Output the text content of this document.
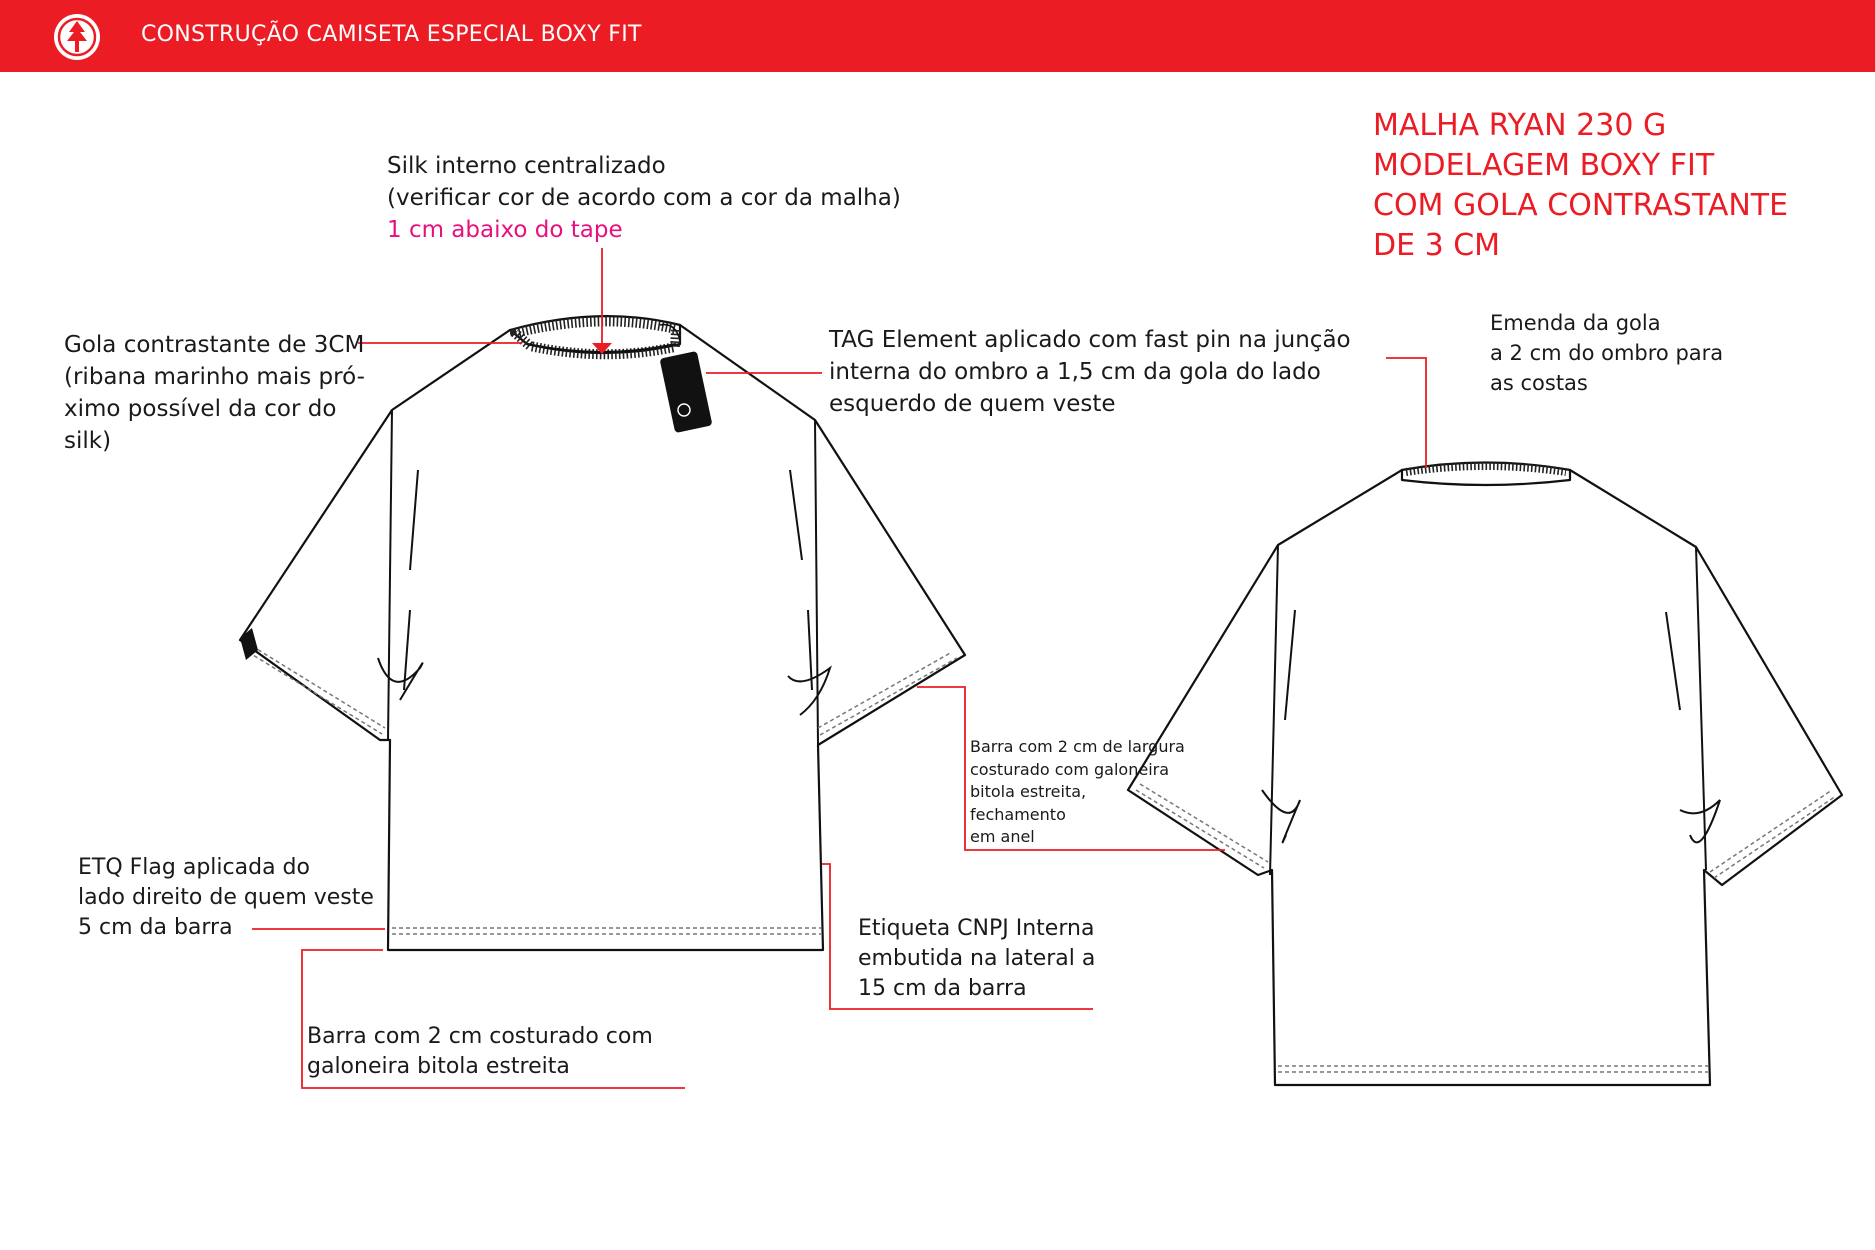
CONSTRUÇÃO CAMISETA ESPECIAL BOXY FIT
Silk interno centralizado
(verificar cor de acordo com a cor da malha)
1 cm abaixo do tape
Gola contrastante de 3CM
(ribana marinho mais pró-
ximo possível da cor do
silk)
TAG Element aplicado com fast pin na junção
interna do ombro a 1,5 cm da gola do lado
esquerdo de quem veste
MALHA RYAN 230 G
MODELAGEM BOXY FIT
COM GOLA CONTRASTANTE
DE 3 CM
Emenda da gola
a 2 cm do ombro para
as costas
Barra com 2 cm de largura
costurado com galoneira
bitola estreita,
fechamento
em anel
ETQ Flag aplicada do
lado direito de quem veste
5 cm da barra	Etiqueta CNPJ Interna
embutida na lateral a
15 cm da barra
Barra com 2 cm costurado com
galoneira bitola estreita
